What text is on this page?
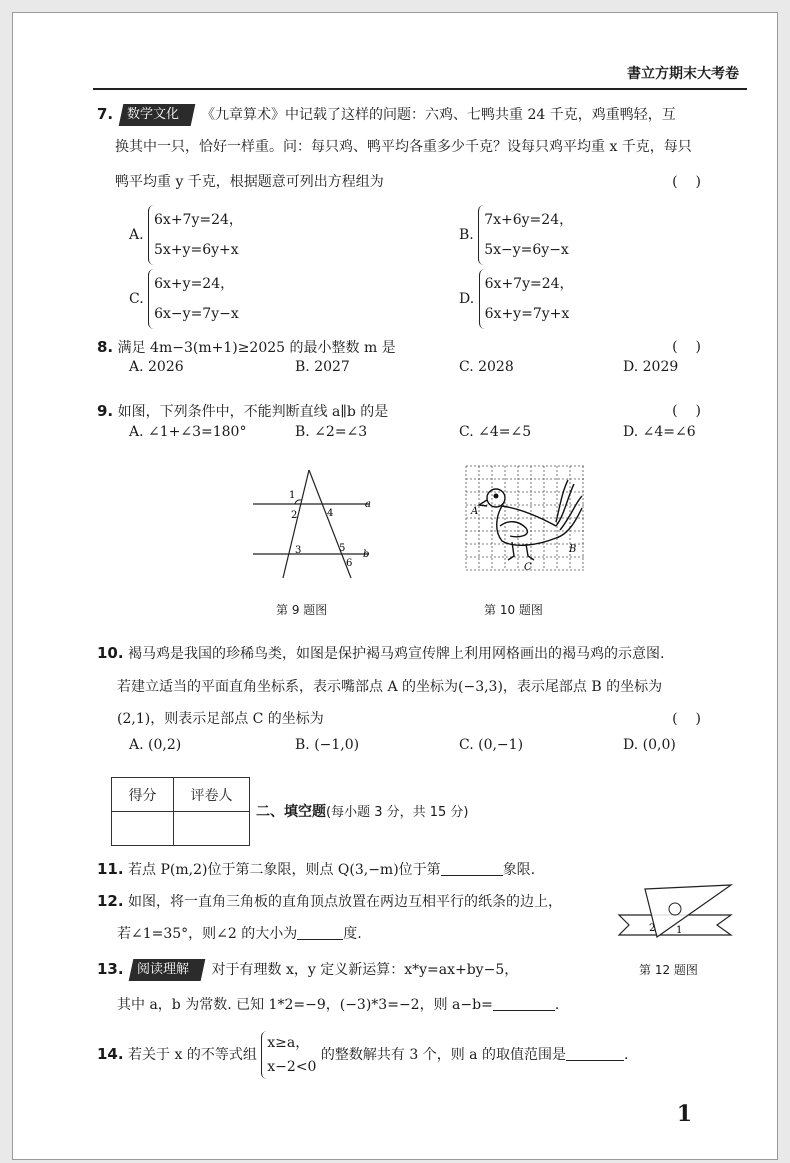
書立方期末大考卷
7. 数学文化 《九章算术》中记载了这样的问题：六鸡、七鸭共重 24 千克，鸡重鸭轻，互
换其中一只，恰好一样重。问：每只鸡、鸭平均各重多少千克？设每只鸡平均重 x 千克，每只
鸭平均重 y 千克，根据题意可列出方程组为	()
A. 6x+7y=24，
5x+y=6y+x
B. 7x+6y=24，
5x−y=6y−x
C. 6x+y=24，
6x−y=7y−x
D. 6x+7y=24，
6x+y=7y+x
8. 满足 4m−3(m+1)≥2025 的最小整数 m 是	()
A. 2026	B. 2027	C. 2028	D. 2029
9. 如图，下列条件中，不能判断直线 a∥b 的是	()
A. ∠1+∠3=180°	B. ∠2=∠3	C. ∠4=∠5	D. ∠4=∠6
1
2	4
3	5
6
a
b
第 9 题图
A
B
C
第 10 题图
10. 褐马鸡是我国的珍稀鸟类，如图是保护褐马鸡宣传牌上利用网格画出的褐马鸡的示意图.
若建立适当的平面直角坐标系，表示嘴部点 A 的坐标为(−3,3)，表示尾部点 B 的坐标为
(2,1)，则表示足部点 C 的坐标为	()
A. (0,2)	B. (−1,0)	C. (0,−1)	D. (0,0)
得分	评卷人

二、填空题(每小题 3 分，共 15 分)
11. 若点 P(m,2)位于第二象限，则点 Q(3,−m)位于第	象限.
12. 如图，将一直角三角板的直角顶点放置在两边互相平行的纸条的边上，
若∠1=35°，则∠2 的大小为	度.	2 1
第 12 题图
13. 阅读理解 对于有理数 x，y 定义新运算：x*y=ax+by−5，
其中 a，b 为常数. 已知 1*2=−9，(−3)*3=−2，则 a−b=	.
14. 若关于 x 的不等式组 x≥a，
x−2<0 的整数解共有 3 个，则 a 的取值范围是	.
1
